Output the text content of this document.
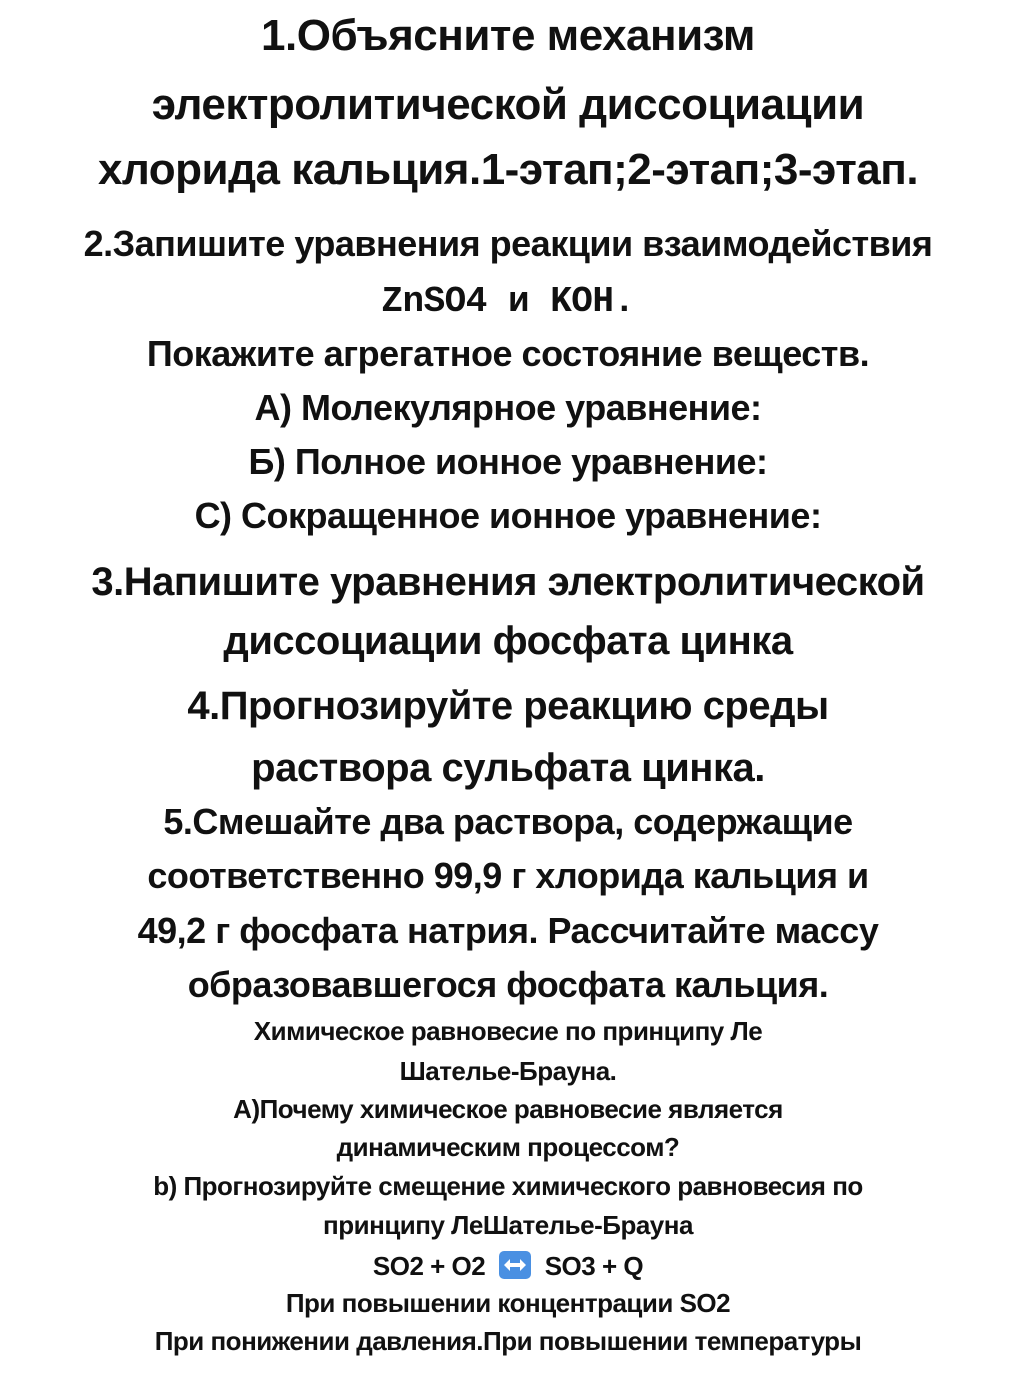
1.Объясните механизм
электролитической диссоциации
хлорида кальция.1-этап;2-этап;3-этап.
2.Запишите уравнения реакции взаимодействия
ZnSO4 и KOH.
Покажите агрегатное состояние веществ.
А) Молекулярное уравнение:
Б) Полное ионное уравнение:
С) Сокращенное ионное уравнение:
3.Напишите уравнения электролитической
диссоциации фосфата цинка
4.Прогнозируйте реакцию среды
раствора сульфата цинка.
5.Смешайте два раствора, содержащие
соответственно 99,9 г хлорида кальция и
49,2 г фосфата натрия. Рассчитайте массу
образовавшегося фосфата кальция.
Химическое равновесие по принципу Ле
Шателье-Брауна.
А)Почему химическое равновесие является
динамическим процессом?
b) Прогнозируйте смещение химического равновесия по
принципу ЛеШателье-Брауна
SO2 + O2 SO3 + Q
При повышении концентрации SO2
При понижении давления.При повышении температуры
